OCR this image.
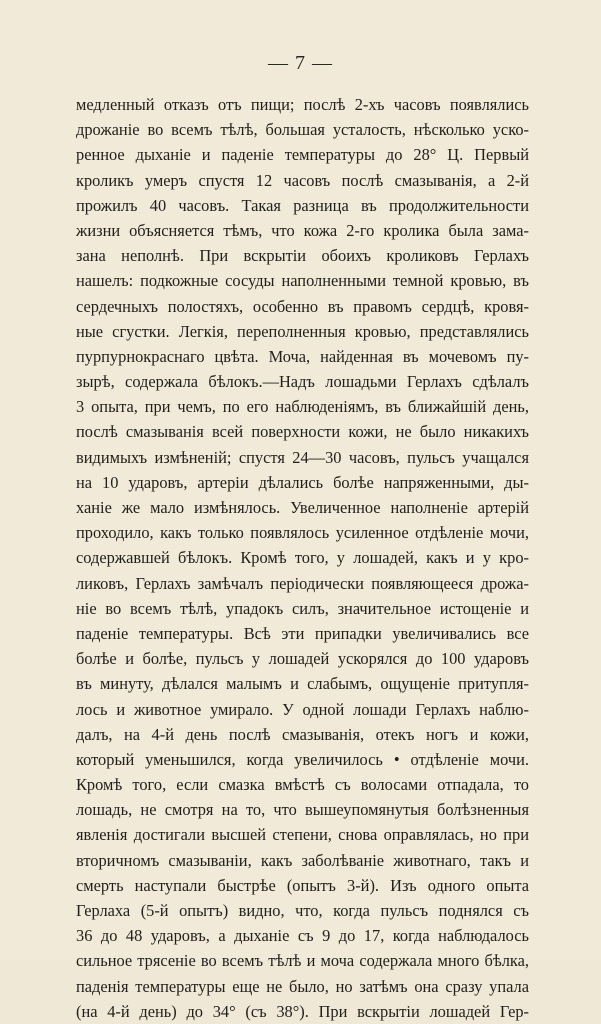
— 7 —
медленный отказъ отъ пищи; послѣ 2-хъ часовъ появлялись
дрожаніе во всемъ тѣлѣ, большая усталость, нѣсколько уско-
ренное дыханіе и паденіе температуры до 28° Ц. Первый
кроликъ умеръ спустя 12 часовъ послѣ смазыванія, а 2-й
прожилъ 40 часовъ. Такая разница въ продолжительности
жизни объясняется тѣмъ, что кожа 2-го кролика была зама-
зана неполнѣ. При вскрытіи обоихъ кроликовъ Герлахъ
нашелъ: подкожные сосуды наполненными темной кровью, въ
сердечныхъ полостяхъ, особенно въ правомъ сердцѣ, кровя-
ные сгустки. Легкія, переполненныя кровью, представлялись
пурпурнокраснаго цвѣта. Моча, найденная въ мочевомъ пу-
зырѣ, содержала бѣлокъ.—Надъ лошадьми Герлахъ сдѣлалъ
3 опыта, при чемъ, по его наблюденіямъ, въ ближайшій день,
послѣ смазыванія всей поверхности кожи, не было никакихъ
видимыхъ измѣненій; спустя 24—30 часовъ, пульсъ учащался
на 10 ударовъ, артеріи дѣлались болѣе напряженными, ды-
ханіе же мало измѣнялось. Увеличенное наполненіе артерій
проходило, какъ только появлялось усиленное отдѣленіе мочи,
содержавшей бѣлокъ. Кромѣ того, у лошадей, какъ и у кро-
ликовъ, Герлахъ замѣчалъ періодически появляющееся дрожа-
ніе во всемъ тѣлѣ, упадокъ силъ, значительное истощеніе и
паденіе температуры. Всѣ эти припадки увеличивались все
болѣе и болѣе, пульсъ у лошадей ускорялся до 100 ударовъ
въ минуту, дѣлался малымъ и слабымъ, ощущеніе притупля-
лось и животное умирало. У одной лошади Герлахъ наблю-
далъ, на 4-й день послѣ смазыванія, отекъ ногъ и кожи,
который уменьшился, когда увеличилось • отдѣленіе мочи.
Кромѣ того, если смазка вмѣстѣ съ волосами отпадала, то
лошадь, не смотря на то, что вышеупомянутыя болѣзненныя
явленія достигали высшей степени, снова оправлялась, но при
вторичномъ смазываніи, какъ заболѣваніе животнаго, такъ и
смерть наступали быстрѣе (опытъ 3-й). Изъ одного опыта
Герлаха (5-й опытъ) видно, что, когда пульсъ поднялся съ
36 до 48 ударовъ, а дыханіе съ 9 до 17, когда наблюдалось
сильное трясеніе во всемъ тѣлѣ и моча содержала много бѣлка,
паденія температуры еще не было, но затѣмъ она сразу упала
(на 4-й день) до 34° (съ 38°). При вскрытіи лошадей Гер-
